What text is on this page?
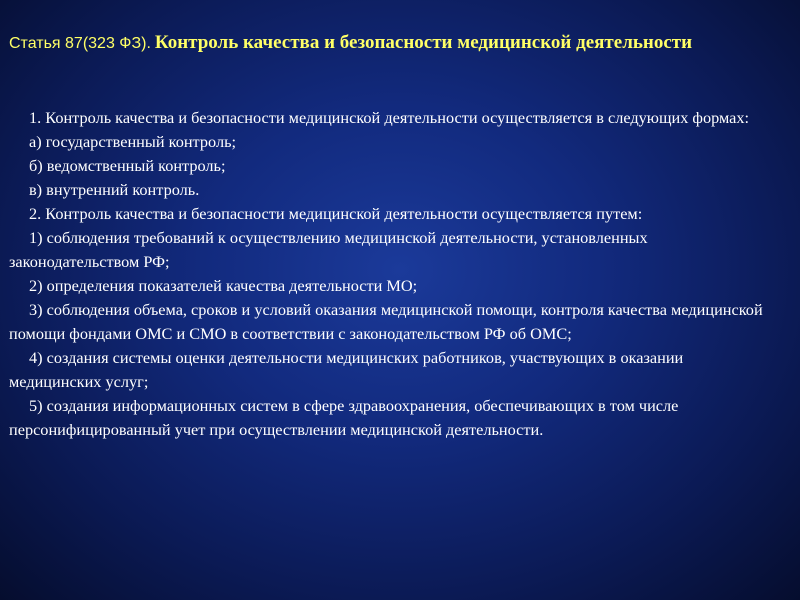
Статья 87(323 ФЗ). Контроль качества и безопасности медицинской деятельности

1. Контроль качества и безопасности медицинской деятельности осуществляется в следующих формах:

а) государственный контроль;

б) ведомственный контроль;

в) внутренний контроль.

2. Контроль качества и безопасности медицинской деятельности осуществляется путем:

1) соблюдения требований к осуществлению медицинской деятельности, установленных законодательством РФ;

2) определения показателей качества деятельности МО;

3) соблюдения объема, сроков и условий оказания медицинской помощи, контроля качества медицинской помощи фондами ОМС и СМО в соответствии с законодательством РФ об ОМС;

4) создания системы оценки деятельности медицинских работников, участвующих в оказании медицинских услуг;

5) создания информационных систем в сфере здравоохранения, обеспечивающих в том числе персонифицированный учет при осуществлении медицинской деятельности.
